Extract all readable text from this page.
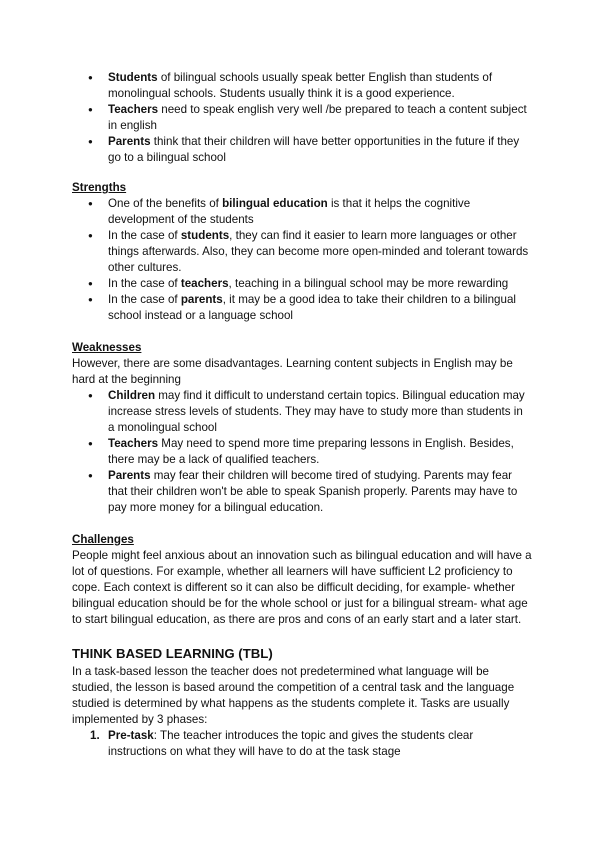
● Students of bilingual schools usually speak better English than students of monolingual schools. Students usually think it is a good experience.
● Teachers need to speak english very well /be prepared to teach a content subject in english
● Parents think that their children will have better opportunities in the future if they go to a bilingual school
Strengths
● One of the benefits of bilingual education is that it helps the cognitive development of the students
● In the case of students, they can find it easier to learn more languages or other things afterwards. Also, they can become more open-minded and tolerant towards other cultures.
● In the case of teachers, teaching in a bilingual school may be more rewarding
● In the case of parents, it may be a good idea to take their children to a bilingual school instead or a language school
Weaknesses

However, there are some disadvantages. Learning content subjects in English may be hard at the beginning

● Children may find it difficult to understand certain topics. Bilingual education may increase stress levels of students. They may have to study more than students in a monolingual school
● Teachers May need to spend more time preparing lessons in English. Besides, there may be a lack of qualified teachers.
● Parents may fear their children will become tired of studying. Parents may fear that their children won't be able to speak Spanish properly. Parents may have to pay more money for a bilingual education.
Challenges

People might feel anxious about an innovation such as bilingual education and will have a lot of questions. For example, whether all learners will have sufficient L2 proficiency to cope. Each context is different so it can also be difficult deciding, for example- whether bilingual education should be for the whole school or just for a bilingual stream- what age to start bilingual education, as there are pros and cons of an early start and a later start.

THINK BASED LEARNING (TBL)

In a task-based lesson the teacher does not predetermined what language will be studied, the lesson is based around the competition of a central task and the language studied is determined by what happens as the students complete it. Tasks are usually implemented by 3 phases:

1. Pre-task: The teacher introduces the topic and gives the students clear instructions on what they will have to do at the task stage
